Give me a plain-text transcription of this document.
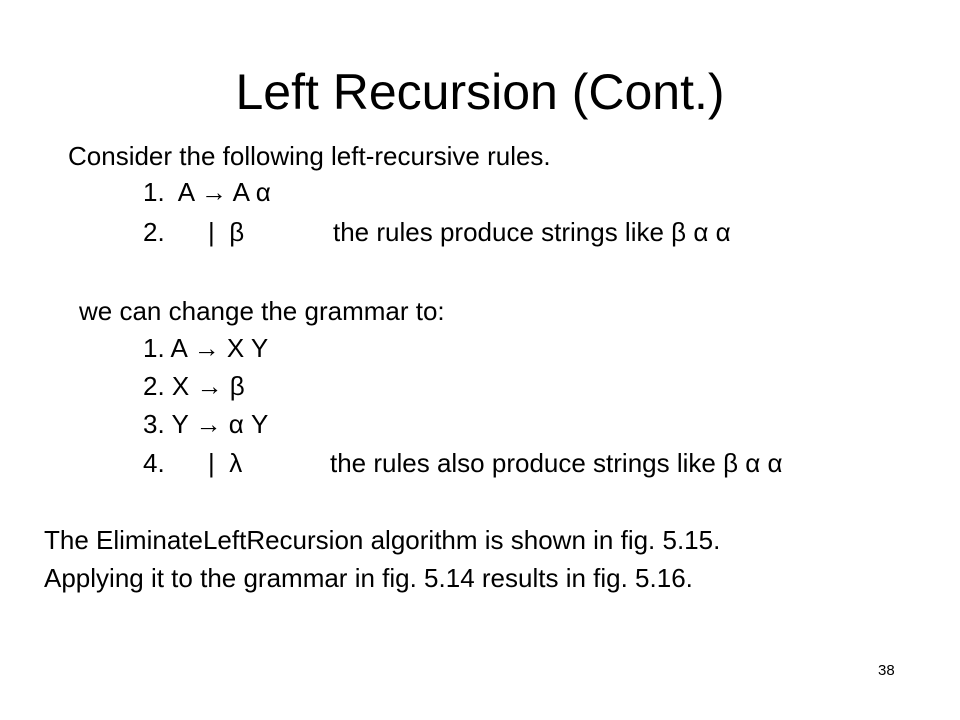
Left Recursion (Cont.)
Consider the following left-recursive rules.
1.  A → A α
2.      |  β	the rules produce strings like β α α
we can change the grammar to:
1. A → X Y
2. X → β
3. Y → α Y
4.      |  λ	the rules also produce strings like β α α
The EliminateLeftRecursion algorithm is shown in fig. 5.15.
Applying it to the grammar in fig. 5.14 results in fig. 5.16.
38
